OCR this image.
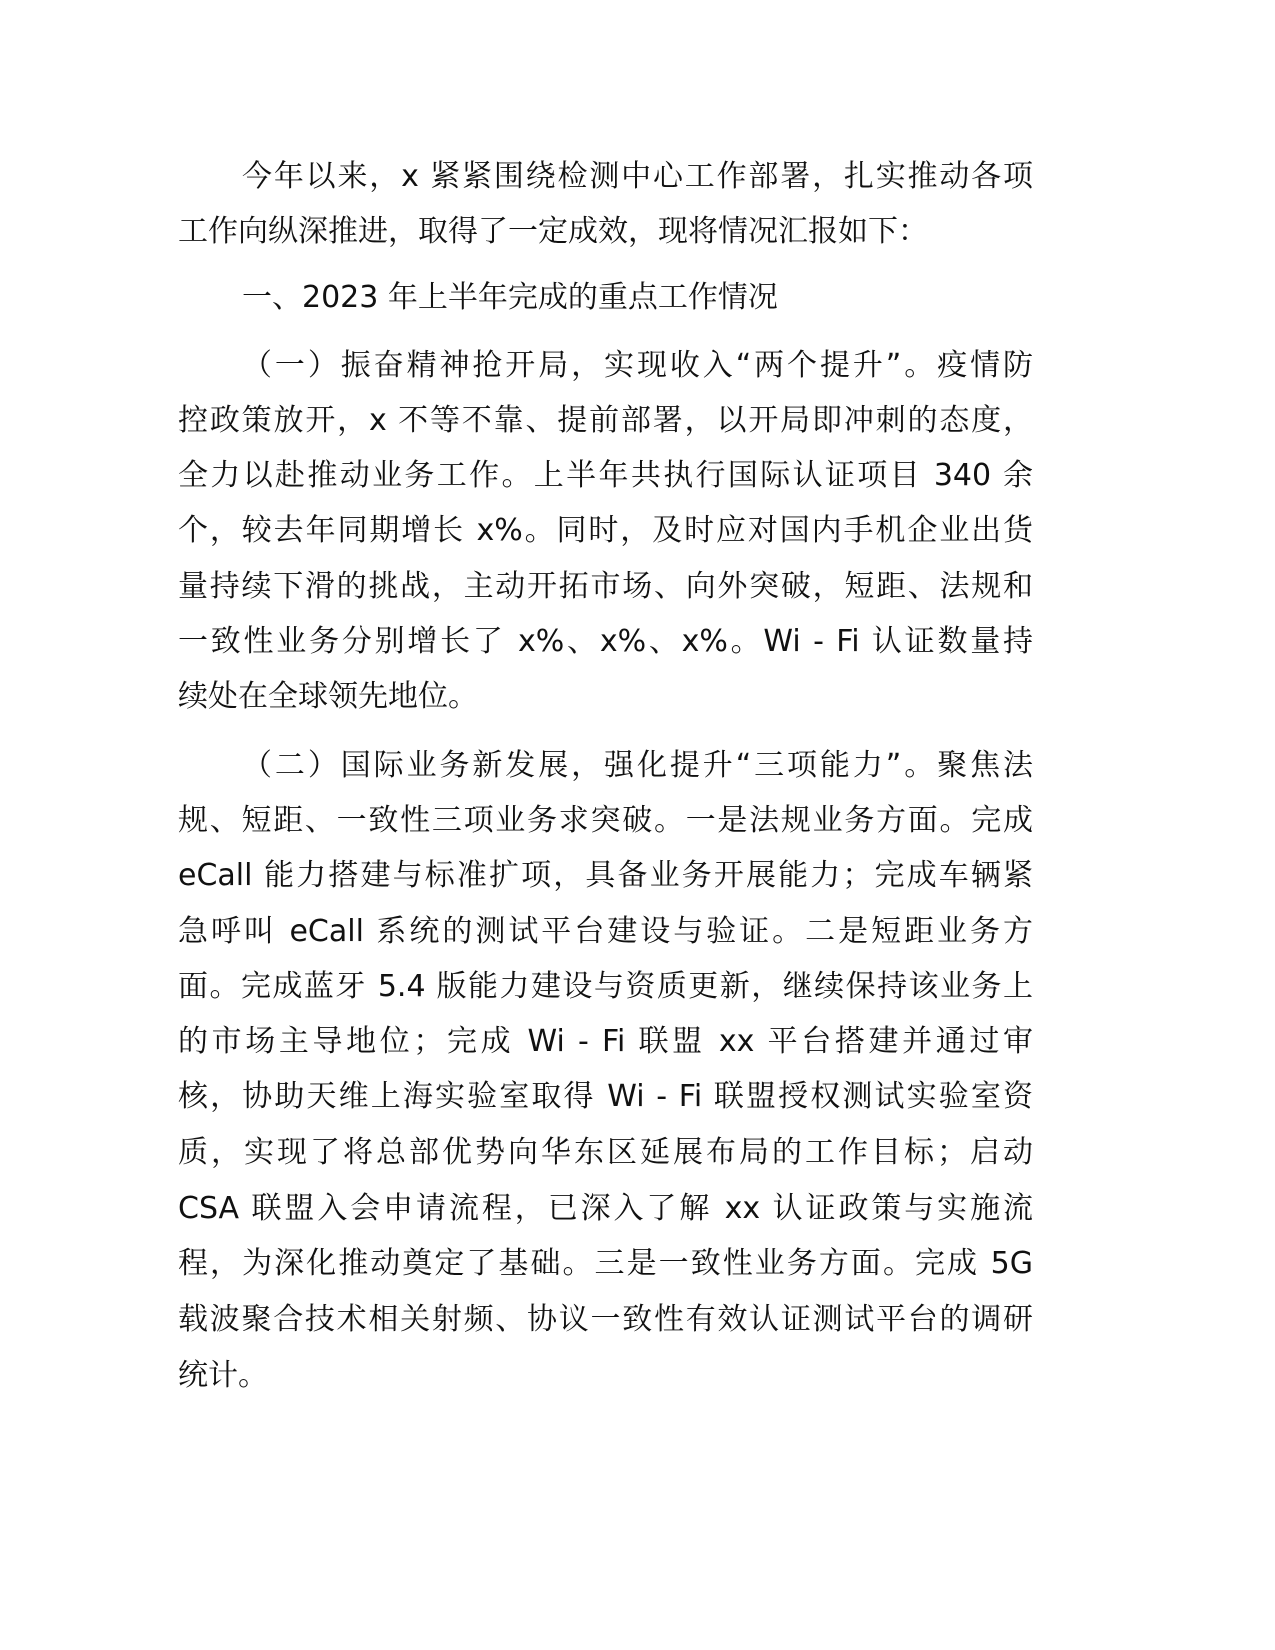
今年以来，x 紧紧围绕检测中心工作部署，扎实推动各项
工作向纵深推进，取得了一定成效，现将情况汇报如下：
一、2023 年上半年完成的重点工作情况
（一）振奋精神抢开局，实现收入“两个提升”。疫情防
控政策放开，x 不等不靠、提前部署，以开局即冲刺的态度，
全力以赴推动业务工作。上半年共执行国际认证项目 340 余
个，较去年同期增长 x%。同时，及时应对国内手机企业出货
量持续下滑的挑战，主动开拓市场、向外突破，短距、法规和
一致性业务分别增长了 x%、x%、x%。Wi - Fi 认证数量持
续处在全球领先地位。
（二）国际业务新发展，强化提升“三项能力”。聚焦法
规、短距、一致性三项业务求突破。一是法规业务方面。完成
eCall 能力搭建与标准扩项，具备业务开展能力；完成车辆紧
急呼叫 eCall 系统的测试平台建设与验证。二是短距业务方
面。完成蓝牙 5.4 版能力建设与资质更新，继续保持该业务上
的市场主导地位；完成 Wi - Fi 联盟 xx 平台搭建并通过审
核，协助天维上海实验室取得 Wi - Fi 联盟授权测试实验室资
质，实现了将总部优势向华东区延展布局的工作目标；启动
CSA 联盟入会申请流程，已深入了解 xx 认证政策与实施流
程，为深化推动奠定了基础。三是一致性业务方面。完成 5G
载波聚合技术相关射频、协议一致性有效认证测试平台的调研
统计。
